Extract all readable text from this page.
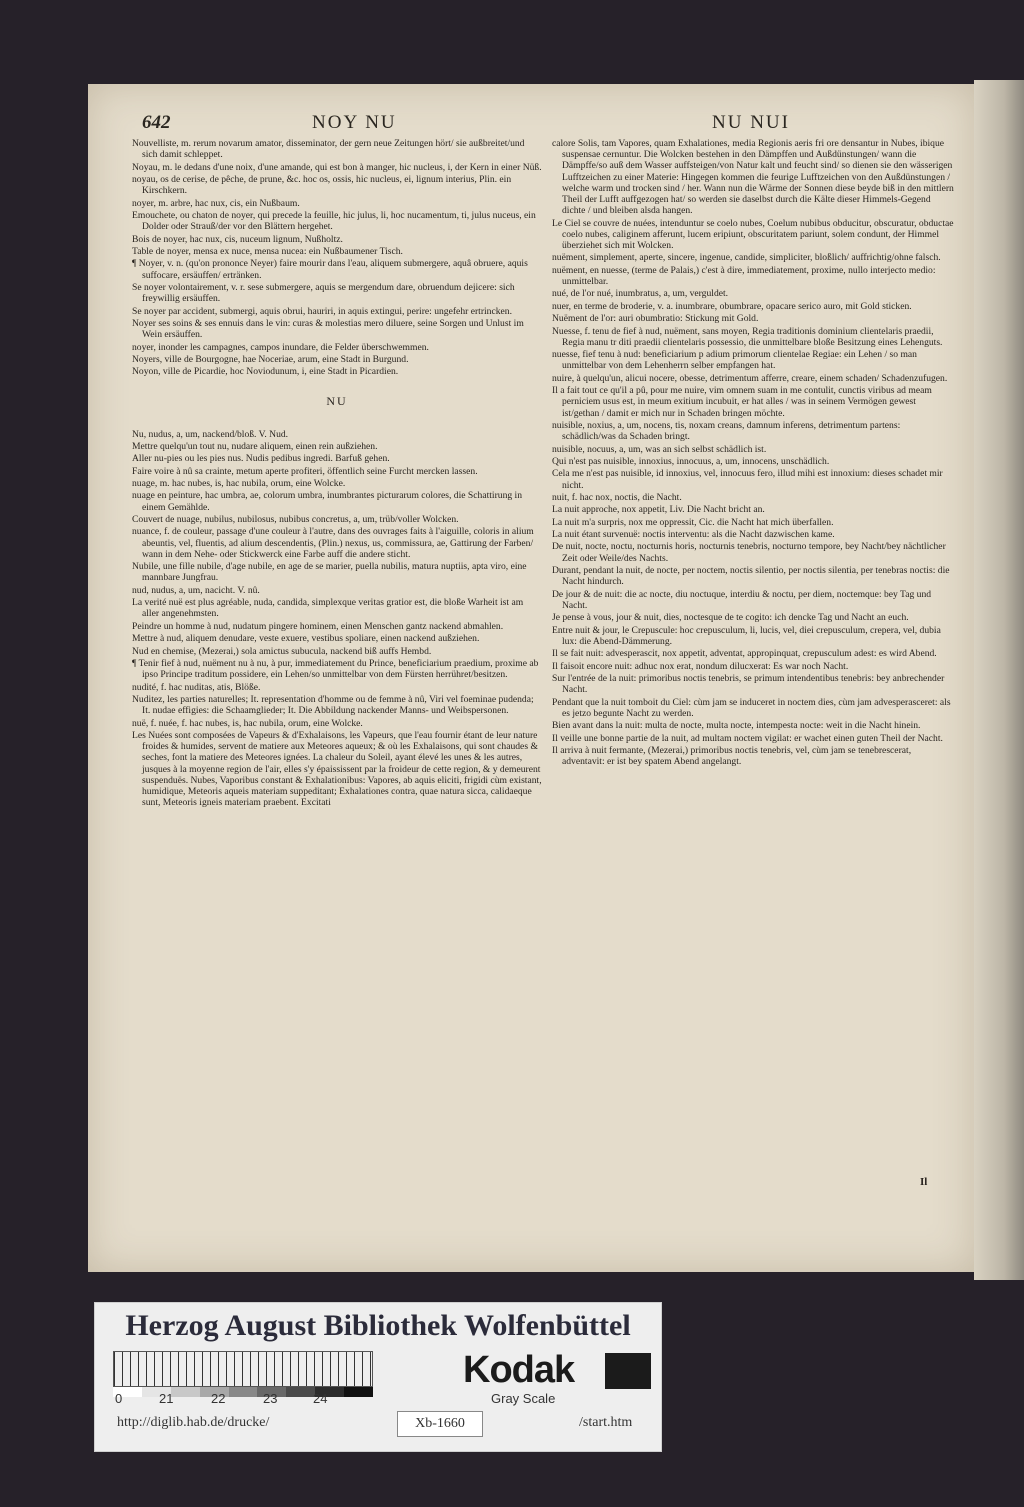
642	NOY NU	NU NUI
Nouvelliste, m. rerum novarum amator, disseminator, der gern neue Zeitungen hört/ sie außbreitet/und sich damit schleppet.
Noyau, m. le dedans d'une noix, d'une amande, qui est bon à manger, hic nucleus, i, der Kern in einer Nüß.
noyau, os de cerise, de pêche, de prune, &c. hoc os, ossis, hic nucleus, ei, lignum interius, Plin. ein Kirschkern.
noyer, m. arbre, hac nux, cis, ein Nußbaum.
Emouchete, ou chaton de noyer, qui precede la feuille, hic julus, li, hoc nucamentum, ti, julus nuceus, ein Dolder oder Strauß/der vor den Blättern hergehet.
Bois de noyer, hac nux, cis, nuceum lignum, Nußholtz.
Table de noyer, mensa ex nuce, mensa nucea: ein Nußbaumener Tisch.
¶ Noyer, v. n. (qu'on prononce Neyer) faire mourir dans l'eau, aliquem submergere, aquâ obruere, aquis suffocare, ersäuffen/ ertränken.
Se noyer volontairement, v. r. sese submergere, aquis se mergendum dare, obruendum dejicere: sich freywillig ersäuffen.
Se noyer par accident, submergi, aquis obrui, hauriri, in aquis extingui, perire: ungefehr ertrincken.
Noyer ses soins & ses ennuis dans le vin: curas & molestias mero diluere, seine Sorgen und Unlust im Wein ersäuffen.
noyer, inonder les campagnes, campos inundare, die Felder überschwemmen.
Noyers, ville de Bourgogne, hae Noceriae, arum, eine Stadt in Burgund.
Noyon, ville de Picardie, hoc Noviodunum, i, eine Stadt in Picardien.
NU
Nu, nudus, a, um, nackend/bloß. V. Nud.
Mettre quelqu'un tout nu, nudare aliquem, einen rein außziehen.
Aller nu-pies ou les pies nus. Nudis pedibus ingredi. Barfuß gehen.
Faire voire à nû sa crainte, metum aperte profiteri, öffentlich seine Furcht mercken lassen.
nuage, m. hac nubes, is, hac nubila, orum, eine Wolcke.
nuage en peinture, hac umbra, ae, colorum umbra, inumbrantes picturarum colores, die Schattirung in einem Gemählde.
Couvert de nuage, nubilus, nubilosus, nubibus concretus, a, um, trüb/voller Wolcken.
nuance, f. de couleur, passage d'une couleur à l'autre, dans des ouvrages faits à l'aiguille, coloris in alium abeuntis, vel, fluentis, ad alium descendentis, (Plin.) nexus, us, commissura, ae, Gattirung der Farben/ wann in dem Nehe- oder Stickwerck eine Farbe auff die andere sticht.
Nubile, une fille nubile, d'age nubile, en age de se marier, puella nubilis, matura nuptiis, apta viro, eine mannbare Jungfrau.
nud, nudus, a, um, nacicht. V. nû.
La verité nuë est plus agréable, nuda, candida, simplexque veritas gratior est, die bloße Warheit ist am aller angenehmsten.
Peindre un homme à nud, nudatum pingere hominem, einen Menschen gantz nackend abmahlen.
Mettre à nud, aliquem denudare, veste exuere, vestibus spoliare, einen nackend außziehen.
Nud en chemise, (Mezerai,) sola amictus subucula, nackend biß auffs Hembd.
¶ Tenir fief à nud, nuëment nu à nu, à pur, immediatement du Prince, beneficiarium praedium, proxime ab ipso Principe traditum possidere, ein Lehen/so unmittelbar von dem Fürsten herrühret/besitzen.
nudité, f. hac nuditas, atis, Blöße.
Nuditez, les parties naturelles; It. representation d'homme ou de femme à nû, Viri vel foeminae pudenda; It. nudae effigies: die Schaamglieder; It. Die Abbildung nackender Manns- und Weibspersonen.
nuë, f. nuée, f. hac nubes, is, hac nubila, orum, eine Wolcke.
Les Nuées sont composées de Vapeurs & d'Exhalaisons, les Vapeurs, que l'eau fournir étant de leur nature froides & humides, servent de matiere aux Meteores aqueux; & où les Exhalaisons, qui sont chaudes & seches, font la matiere des Meteores ignées. La chaleur du Soleil, ayant élevé les unes & les autres, jusques à la moyenne region de l'air, elles s'y épaississent par la froideur de cette region, & y demeurent suspenduës. Nubes, Vaporibus constant & Exhalationibus: Vapores, ab aquis eliciti, frigidi cùm existant, humidique, Meteoris aqueis materiam suppeditant; Exhalationes contra, quae natura sicca, calidaeque sunt, Meteoris igneis materiam praebent. Excitati
calore Solis, tam Vapores, quam Exhalationes, media Regionis aeris fri ore densantur in Nubes, ibique suspensae cernuntur. Die Wolcken bestehen in den Dämpffen und Außdünstungen/ wann die Dämpffe/so auß dem Wasser auffsteigen/von Natur kalt und feucht sind/ so dienen sie den wässerigen Lufftzeichen zu einer Materie: Hingegen kommen die feurige Lufftzeichen von den Außdünstungen / welche warm und trocken sind / her. Wann nun die Wärme der Sonnen diese beyde biß in den mittlern Theil der Lufft auffgezogen hat/ so werden sie daselbst durch die Kälte dieser Himmels-Gegend dichte / und bleiben alsda hangen.
Le Ciel se couvre de nuées, intenduntur se coelo nubes, Coelum nubibus obducitur, obscuratur, obductae coelo nubes, caliginem afferunt, lucem eripiunt, obscuritatem pariunt, solem condunt, der Himmel überziehet sich mit Wolcken.
nuëment, simplement, aperte, sincere, ingenue, candide, simpliciter, bloßlich/ auffrichtig/ohne falsch.
nuëment, en nuesse, (terme de Palais,) c'est à dire, immediatement, proxime, nullo interjecto medio: unmittelbar.
nué, de l'or nué, inumbratus, a, um, verguldet.
nuer, en terme de broderie, v. a. inumbrare, obumbrare, opacare serico auro, mit Gold sticken.
Nuëment de l'or: auri obumbratio: Stickung mit Gold.
Nuesse, f. tenu de fief à nud, nuëment, sans moyen, Regia traditionis dominium clientelaris praedii, Regia manu tr diti praedii clientelaris possessio, die unmittelbare bloße Besitzung eines Lehenguts.
nuesse, fief tenu à nud: beneficiarium p adium primorum clientelae Regiae: ein Lehen / so man unmittelbar von dem Lehenherrn selber empfangen hat.
nuire, à quelqu'un, alicui nocere, obesse, detrimentum afferre, creare, einem schaden/ Schadenzufugen.
Il a fait tout ce qu'il a pû, pour me nuire, vim omnem suam in me contulit, cunctis viribus ad meam perniciem usus est, in meum exitium incubuit, er hat alles / was in seinem Vermögen gewest ist/gethan / damit er mich nur in Schaden bringen möchte.
nuisible, noxius, a, um, nocens, tis, noxam creans, damnum inferens, detrimentum partens: schädlich/was da Schaden bringt.
nuisible, nocuus, a, um, was an sich selbst schädlich ist.
Qui n'est pas nuisible, innoxius, innocuus, a, um, innocens, unschädlich.
Cela me n'est pas nuisible, id innoxius, vel, innocuus fero, illud mihi est innoxium: dieses schadet mir nicht.
nuit, f. hac nox, noctis, die Nacht.
La nuit approche, nox appetit, Liv. Die Nacht bricht an.
La nuit m'a surpris, nox me oppressit, Cic. die Nacht hat mich überfallen.
La nuit étant survenuë: noctis interventu: als die Nacht dazwischen kame.
De nuit, nocte, noctu, nocturnis horis, nocturnis tenebris, nocturno tempore, bey Nacht/bey nächtlicher Zeit oder Weile/des Nachts.
Durant, pendant la nuit, de nocte, per noctem, noctis silentio, per noctis silentia, per tenebras noctis: die Nacht hindurch.
De jour & de nuit: die ac nocte, diu noctuque, interdiu & noctu, per diem, noctemque: bey Tag und Nacht.
Je pense à vous, jour & nuit, dies, noctesque de te cogito: ich dencke Tag und Nacht an euch.
Entre nuit & jour, le Crepuscule: hoc crepusculum, li, lucis, vel, diei crepusculum, crepera, vel, dubia lux: die Abend-Dämmerung.
Il se fait nuit: advesperascit, nox appetit, adventat, appropinquat, crepusculum adest: es wird Abend.
Il faisoit encore nuit: adhuc nox erat, nondum dilucxerat: Es war noch Nacht.
Sur l'entrée de la nuit: primoribus noctis tenebris, se primum intendentibus tenebris: bey anbrechender Nacht.
Pendant que la nuit tomboit du Ciel: cùm jam se induceret in noctem dies, cùm jam advesperasceret: als es jetzo begunte Nacht zu werden.
Bien avant dans la nuit: multa de nocte, multa nocte, intempesta nocte: weit in die Nacht hinein.
Il veille une bonne partie de la nuit, ad multam noctem vigilat: er wachet einen guten Theil der Nacht.
Il arriva à nuit fermante, (Mezerai,) primoribus noctis tenebris, vel, cùm jam se tenebrescerat, adventavit: er ist bey spatem Abend angelangt.
Il
Herzog August Bibliothek Wolfenbüttel
Kodak
Gray Scale
0	21	22	23	24
http://diglib.hab.de/drucke/	Xb-1660	/start.htm
